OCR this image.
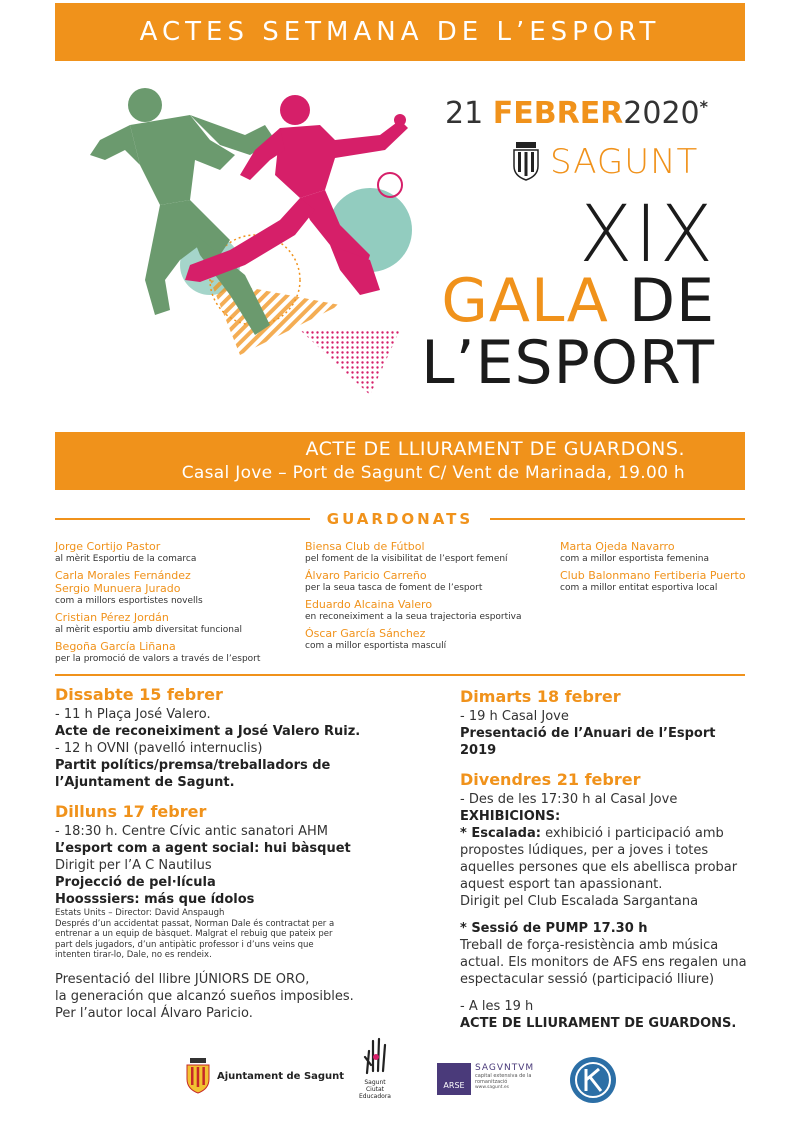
ACTES SETMANA DE L’ESPORT
21 FEBRER2020*
SAGUNT
XIX
GALA DE
L’ESPORT
ACTE DE LLIURAMENT DE GUARDONS.
Casal Jove – Port de Sagunt C/ Vent de Marinada, 19.00 h
GUARDONATS
Jorge Cortijo Pastor
al mèrit Esportiu de la comarca
Carla Morales Fernández
Sergio Munuera Jurado
com a millors esportistes novells
Cristian Pérez Jordán
al mèrit esportiu amb diversitat funcional
Begoña García Liñana
per la promoció de valors a través de l’esport
Biensa Club de Fútbol
pel foment de la visibilitat de l’esport femení
Álvaro Paricio Carreño
per la seua tasca de foment de l’esport
Eduardo Alcaina Valero
en reconeiximent a la seua trajectoria esportiva
Óscar García Sánchez
com a millor esportista masculí
Marta Ojeda Navarro
com a millor esportista femenina
Club Balonmano Fertiberia Puerto
com a millor entitat esportiva local

Dissabte 15 febrer

- 11 h Plaça José Valero.

Acte de reconeiximent a José Valero Ruiz.

- 12 h OVNI (pavelló internuclis)

Partit polítics/premsa/treballadors de

l’Ajuntament de Sagunt.

Dilluns 17 febrer

- 18:30 h. Centre Cívic antic sanatori AHM

L’esport com a agent social: hui bàsquet

Dirigit per l’A C Nautilus

Projecció de pel·lícula

Hoosssiers: más que ídolos

Estats Units – Director: David Anspaugh

Després d’un accidentat passat, Norman Dale és contractat per a

entrenar a un equip de bàsquet. Malgrat el rebuig que pateix per

part dels jugadors, d’un antipàtic professor i d’uns veins que

intenten tirar-lo, Dale, no es rendeix.

Presentació del llibre JÚNIORS DE ORO,

la generación que alcanzó sueños imposibles.

Per l’autor local Álvaro Paricio.

Dimarts 18 febrer

- 19 h Casal Jove

Presentació de l’Anuari de l’Esport 2019

Divendres 21 febrer

- Des de les 17:30 h al Casal Jove

EXHIBICIONS:

* Escalada: exhibició i participació amb

propostes lúdiques, per a joves i totes

aquelles persones que els abellisca probar

aquest esport tan apassionant.

Dirigit pel Club Escalada Sargantana

* Sessió de PUMP 17.30 h

Treball de força-resistència amb música

actual. Els monitors de AFS ens regalen una

espectacular sessió (participació lliure)

- A les 19 h

ACTE DE LLIURAMENT DE GUARDONS.

Ajuntament de Sagunt
Sagunt
Ciutat
Educadora
ARSE
SAGVNTVM
capital extensiva de la romanització
www.sagunt.es
